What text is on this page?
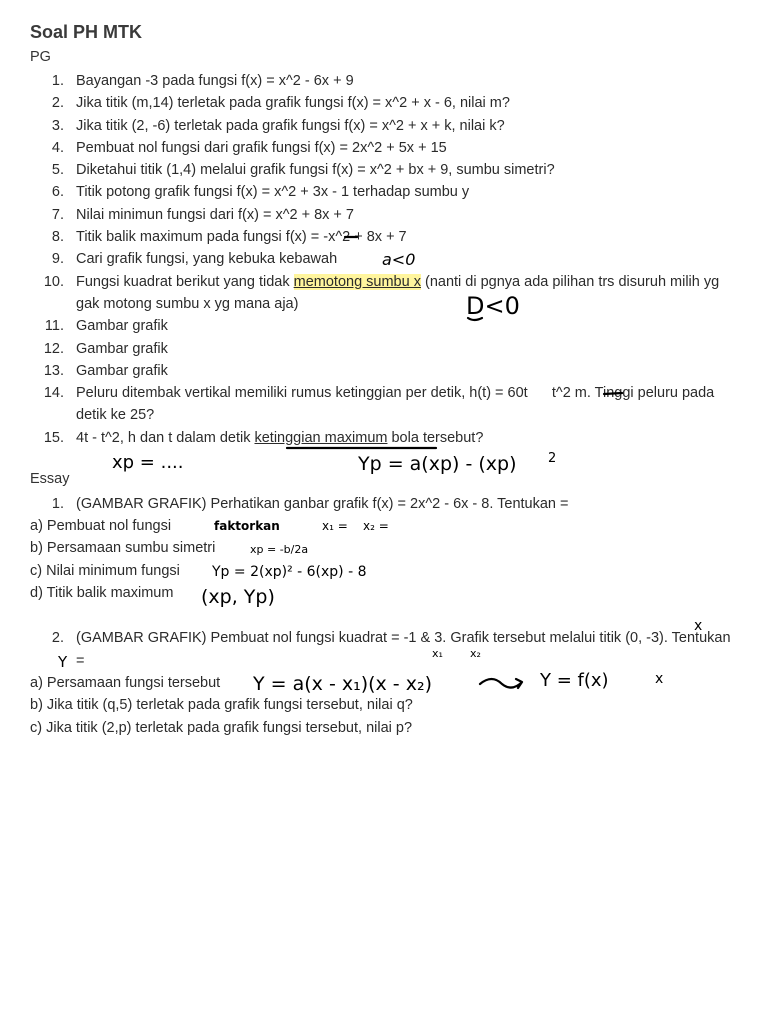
Soal PH MTK
PG
1. Bayangan -3 pada fungsi f(x) = x^2 - 6x + 9
2. Jika titik (m,14) terletak pada grafik fungsi f(x) = x^2 + x - 6, nilai m?
3. Jika titik (2, -6) terletak pada grafik fungsi f(x) = x^2 + x + k, nilai k?
4. Pembuat nol fungsi dari grafik fungsi f(x) = 2x^2 + 5x + 15
5. Diketahui titik (1,4) melalui grafik fungsi f(x) = x^2 + bx + 9, sumbu simetri?
6. Titik potong grafik fungsi f(x) = x^2 + 3x - 1 terhadap sumbu y
7. Nilai minimun fungsi dari f(x) = x^2 + 8x + 7
8. Titik balik maximum pada fungsi f(x) = -x^2 + 8x + 7
9. Cari grafik fungsi, yang kebuka kebawah
10. Fungsi kuadrat berikut yang tidak memotong sumbu x (nanti di pgnya ada pilihan trs disuruh milih yg gak motong sumbu x yg mana aja)
11. Gambar grafik
12. Gambar grafik
13. Gambar grafik
14. Peluru ditembak vertikal memiliki rumus ketinggian per detik, h(t) = 60t      t^2 m. Tinggi peluru pada detik ke 25?
15. 4t - t^2, h dan t dalam detik ketinggian maximum bola tersebut?
Essay
1. (GAMBAR GRAFIK) Perhatikan ganbar grafik f(x) = 2x^2 - 6x - 8. Tentukan =
a) Pembuat nol fungsi
b) Persamaan sumbu simetri
c) Nilai minimum fungsi
d) Titik balik maximum
2. (GAMBAR GRAFIK) Pembuat nol fungsi kuadrat = -1 & 3. Grafik tersebut melalui titik (0, -3). Tentukan =
a) Persamaan fungsi tersebut
b) Jika titik (q,5) terletak pada grafik fungsi tersebut, nilai q?
c) Jika titik (2,p) terletak pada grafik fungsi tersebut, nilai p?
a<0
D<0
xp = ....	Yp = a(xp) - (xp) 2
faktorkan	x₁ = x₂ =
xp = -b/2a
Yp = 2(xp)² - 6(xp) - 8
(xp, Yp)
x
x₁ x₂
Y
Y = a(x - x₁)(x - x₂)	Y = f(x)	x
